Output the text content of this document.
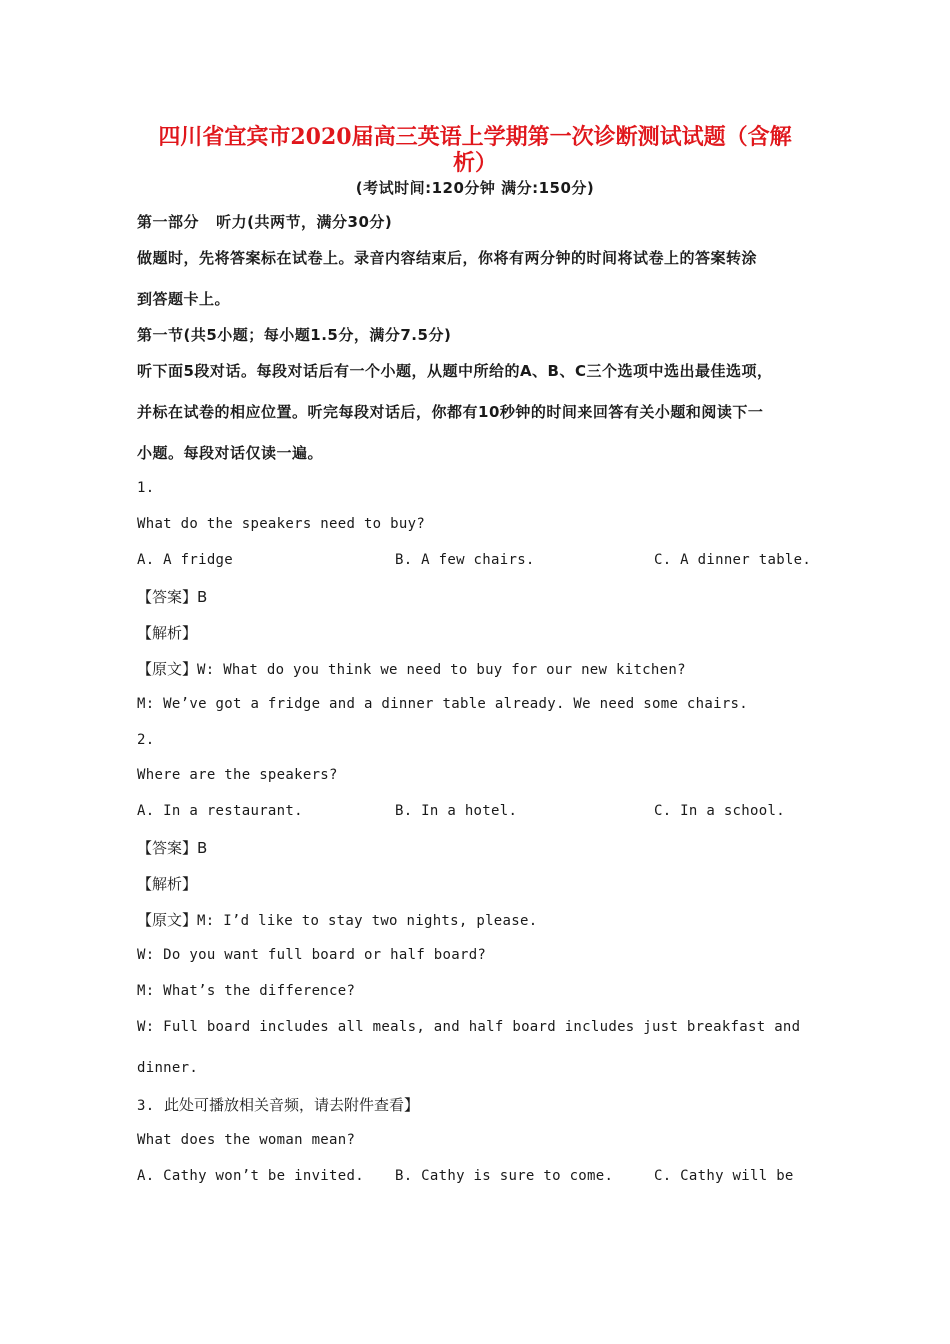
四川省宜宾市2020届高三英语上学期第一次诊断测试试题（含解
析）
(考试时间:120分钟 满分:150分)
第一部分   听力(共两节，满分30分)
做题时，先将答案标在试卷上。录音内容结束后，你将有两分钟的时间将试卷上的答案转涂
到答题卡上。
第一节(共5小题；每小题1.5分，满分7.5分)
听下面5段对话。每段对话后有一个小题，从题中所给的A、B、C三个选项中选出最佳选项，
并标在试卷的相应位置。听完每段对话后，你都有10秒钟的时间来回答有关小题和阅读下一
小题。每段对话仅读一遍。
1.
What do the speakers need to buy?
A. A fridge	B. A few chairs.	C. A dinner table.
【答案】B
【解析】
【原文】W: What do you think we need to buy for our new kitchen?
M: We’ve got a fridge and a dinner table already. We need some chairs.
2.
Where are the speakers?
A. In a restaurant.	B. In a hotel.	C. In a school.
【答案】B
【解析】
【原文】M: I’d like to stay two nights, please.
W: Do you want full board or half board?
M: What’s the difference?
W: Full board includes all meals, and half board includes just breakfast and
dinner.
3. 此处可播放相关音频，请去附件查看】
What does the woman mean?
A. Cathy won’t be invited. B. Cathy is sure to come.	C. Cathy will be
